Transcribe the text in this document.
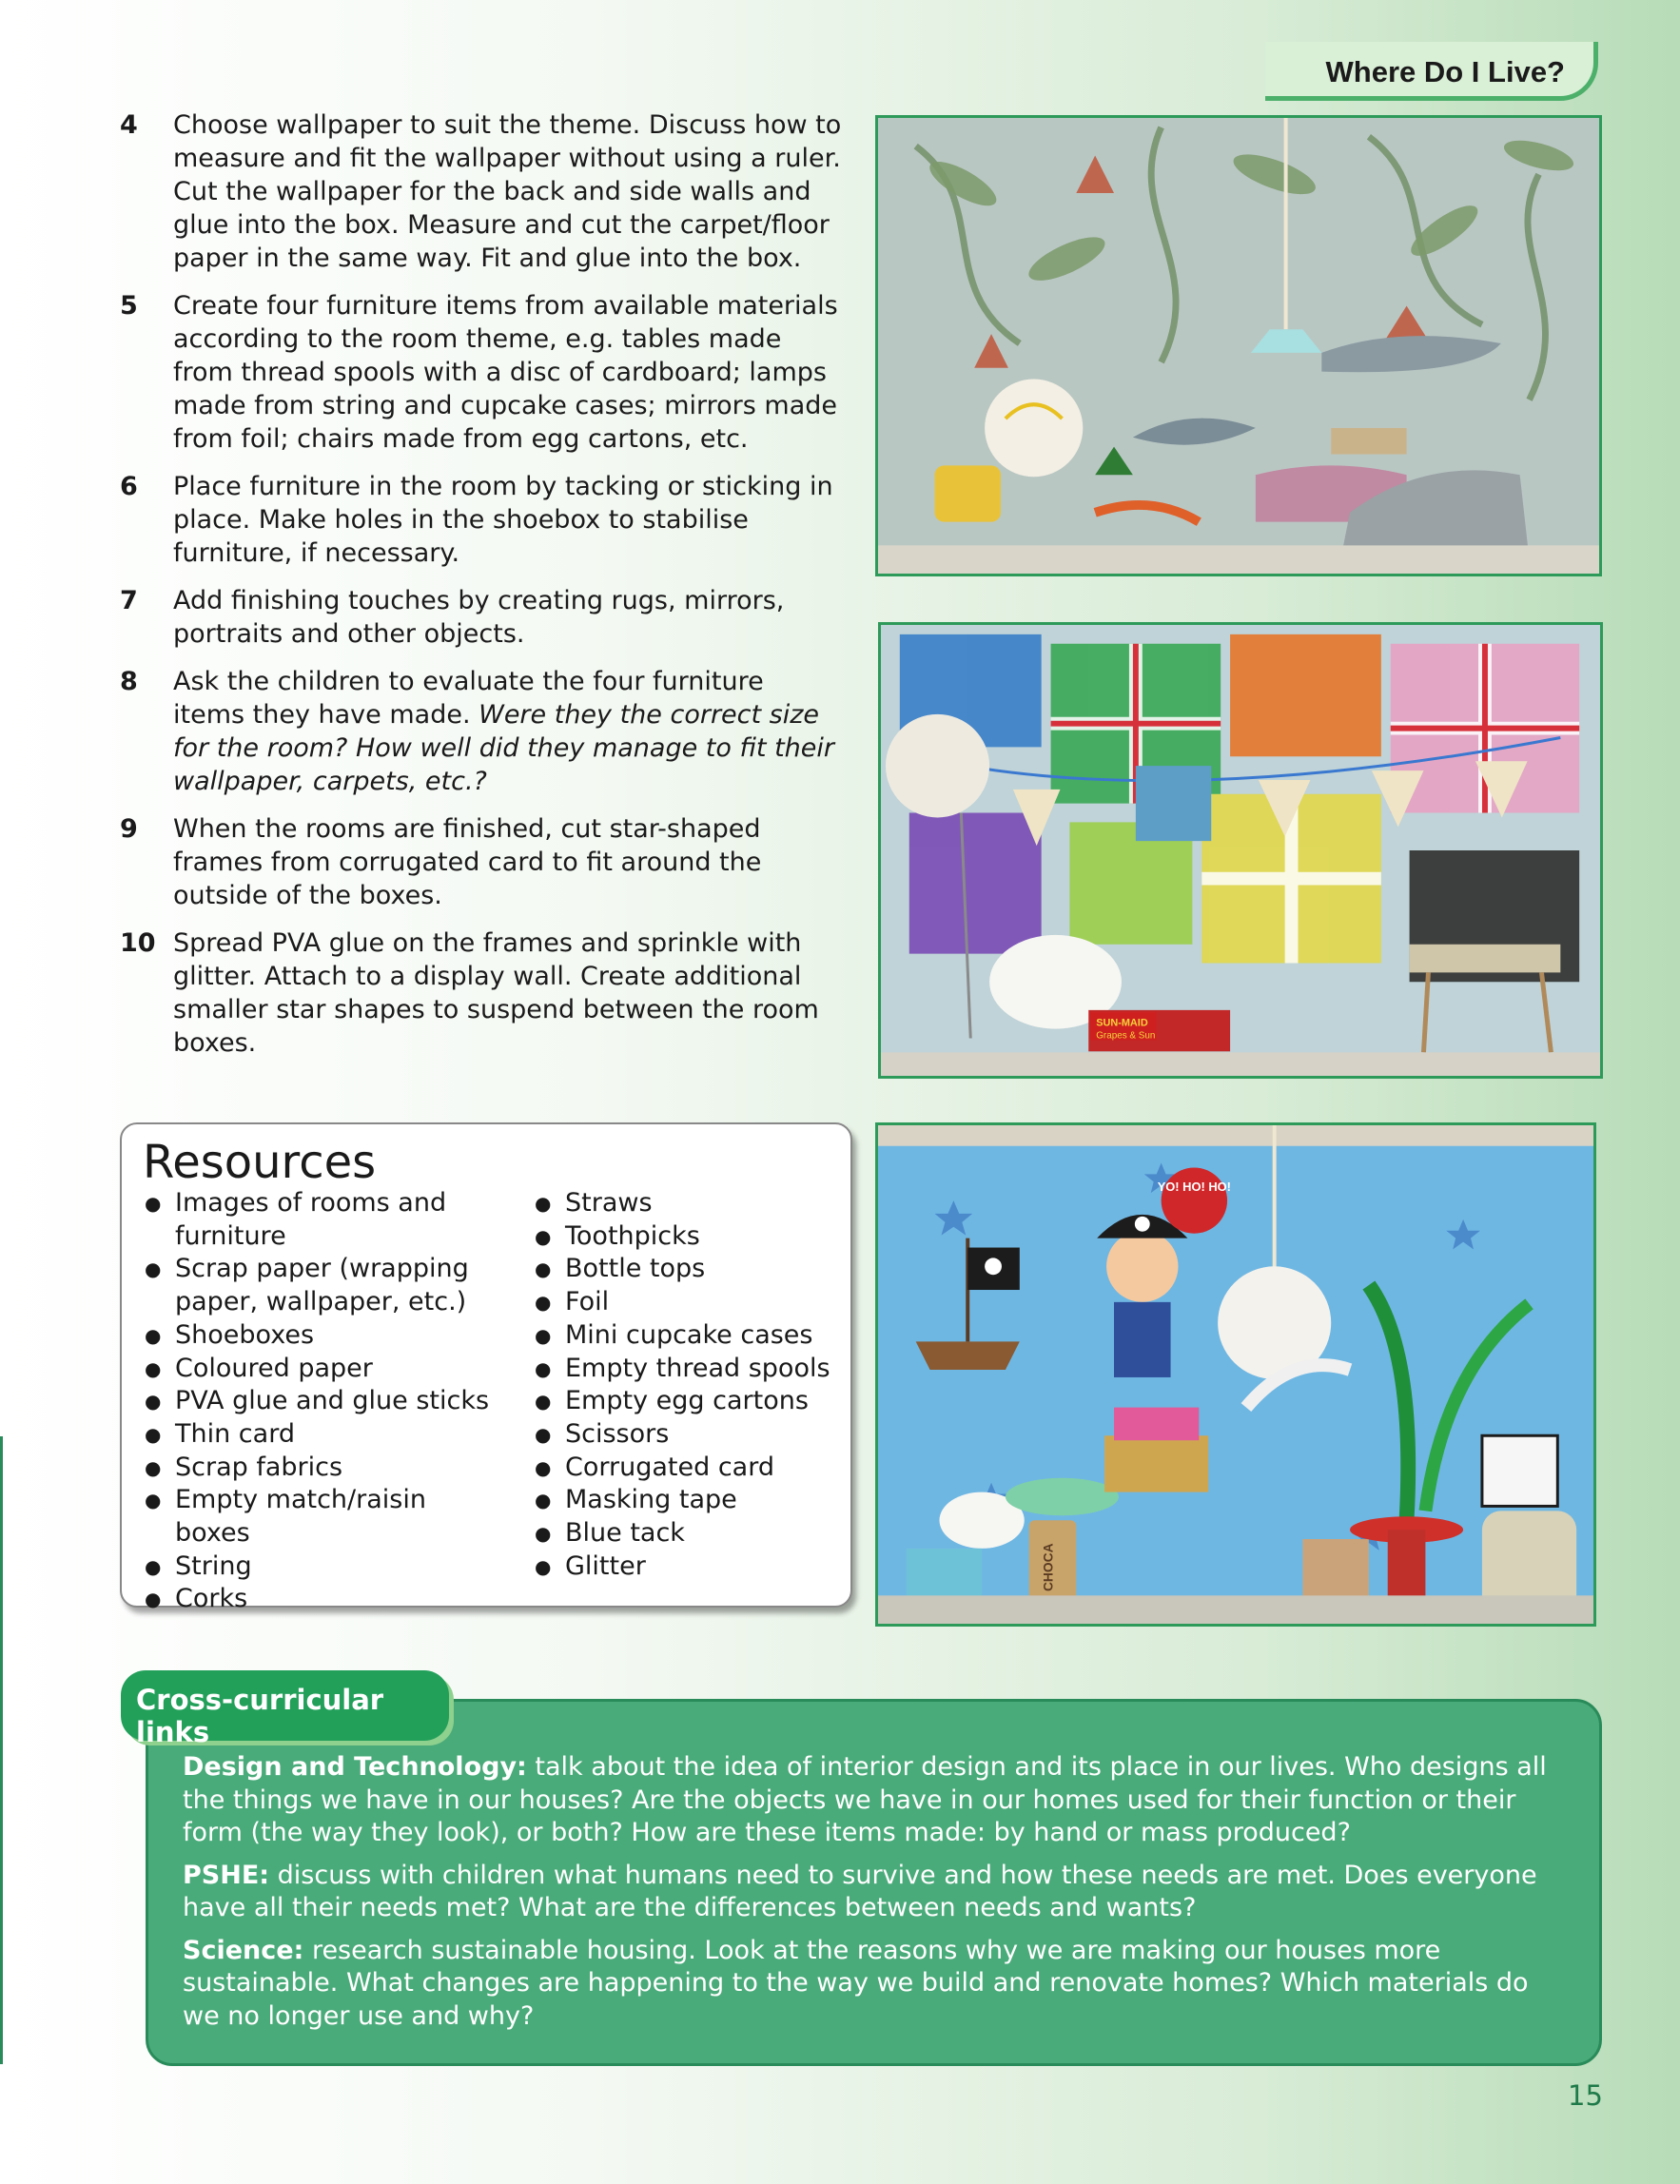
Where Do I Live?
4 Choose wallpaper to suit the theme. Discuss how to measure and fit the wallpaper without using a ruler. Cut the wallpaper for the back and side walls and glue into the box. Measure and cut the carpet/floor paper in the same way. Fit and glue into the box.
5 Create four furniture items from available materials according to the room theme, e.g. tables made from thread spools with a disc of cardboard; lamps made from string and cupcake cases; mirrors made from foil; chairs made from egg cartons, etc.
6 Place furniture in the room by tacking or sticking in place. Make holes in the shoebox to stabilise furniture, if necessary.
7 Add finishing touches by creating rugs, mirrors, portraits and other objects.
8 Ask the children to evaluate the four furniture items they have made. Were they the correct size for the room? How well did they manage to fit their wallpaper, carpets, etc.?
9 When the rooms are finished, cut star-shaped frames from corrugated card to fit around the outside of the boxes.
10 Spread PVA glue on the frames and sprinkle with glitter. Attach to a display wall. Create additional smaller star shapes to suspend between the room boxes.
SUN-MAID
Grapes & Sun
YO! HO! HO!
CHOCA
Resources
● Images of rooms and furniture
● Scrap paper (wrapping paper, wallpaper, etc.)
● Shoeboxes
● Coloured paper
● PVA glue and glue sticks
● Thin card
● Scrap fabrics
● Empty match/raisin boxes
● String
● Corks
● Straws
● Toothpicks
● Bottle tops
● Foil
● Mini cupcake cases
● Empty thread spools
● Empty egg cartons
● Scissors
● Corrugated card
● Masking tape
● Blue tack
● Glitter

Design and Technology: talk about the idea of interior design and its place in our lives. Who designs all the things we have in our houses? Are the objects we have in our homes used for their function or their form (the way they look), or both? How are these items made: by hand or mass produced?

PSHE: discuss with children what humans need to survive and how these needs are met. Does everyone have all their needs met? What are the differences between needs and wants?

Science: research sustainable housing. Look at the reasons why we are making our houses more sustainable. What changes are happening to the way we build and renovate homes? Which materials do we no longer use and why?

Cross-curricular links
15
